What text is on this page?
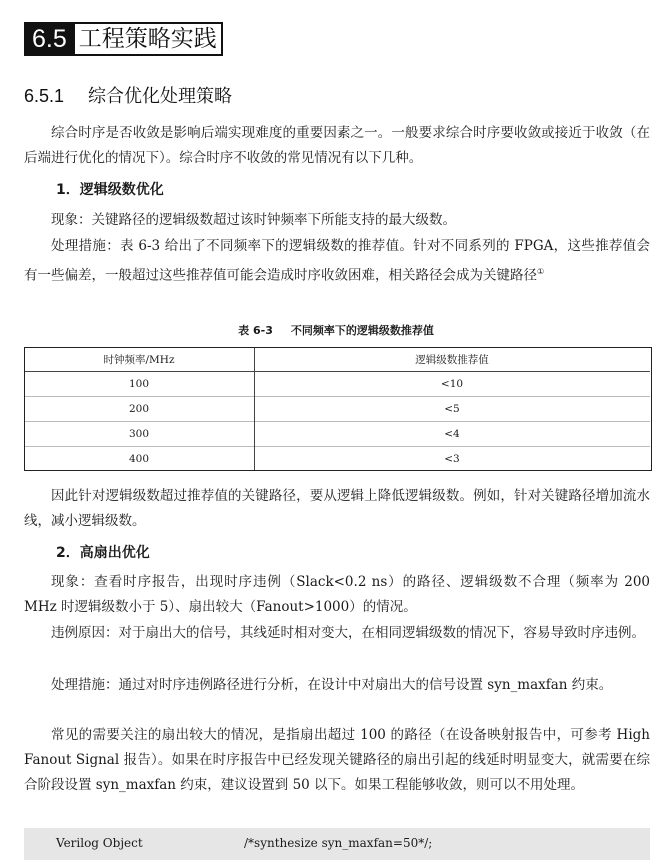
6.5 工程策略实践
6.5.1 综合优化处理策略
综合时序是否收敛是影响后端实现难度的重要因素之一。一般要求综合时序要收敛或接近于收敛（在后端进行优化的情况下）。综合时序不收敛的常见情况有以下几种。
1．逻辑级数优化
现象：关键路径的逻辑级数超过该时钟频率下所能支持的最大级数。
处理措施：表 6-3 给出了不同频率下的逻辑级数的推荐值。针对不同系列的 FPGA，这些推荐值会有一些偏差，一般超过这些推荐值可能会造成时序收敛困难，相关路径会成为关键路径①
表 6-3 不同频率下的逻辑级数推荐值
时钟频率/MHz	逻辑级数推荐值
100	<10
200	<5
300	<4
400	<3
因此针对逻辑级数超过推荐值的关键路径，要从逻辑上降低逻辑级数。例如，针对关键路径增加流水线，减小逻辑级数。
2．高扇出优化
现象：查看时序报告，出现时序违例（Slack<0.2 ns）的路径、逻辑级数不合理（频率为 200 MHz 时逻辑级数小于 5）、扇出较大（Fanout>1000）的情况。
违例原因：对于扇出大的信号，其线延时相对变大，在相同逻辑级数的情况下，容易导致时序违例。
处理措施：通过对时序违例路径进行分析，在设计中对扇出大的信号设置 syn_maxfan 约束。
常见的需要关注的扇出较大的情况，是指扇出超过 100 的路径（在设备映射报告中，可参考 High Fanout Signal 报告）。如果在时序报告中已经发现关键路径的扇出引起的线延时明显变大，就需要在综合阶段设置 syn_maxfan 约束，建议设置到 50 以下。如果工程能够收敛，则可以不用处理。
Verilog Object	/*synthesize syn_maxfan=50*/;
